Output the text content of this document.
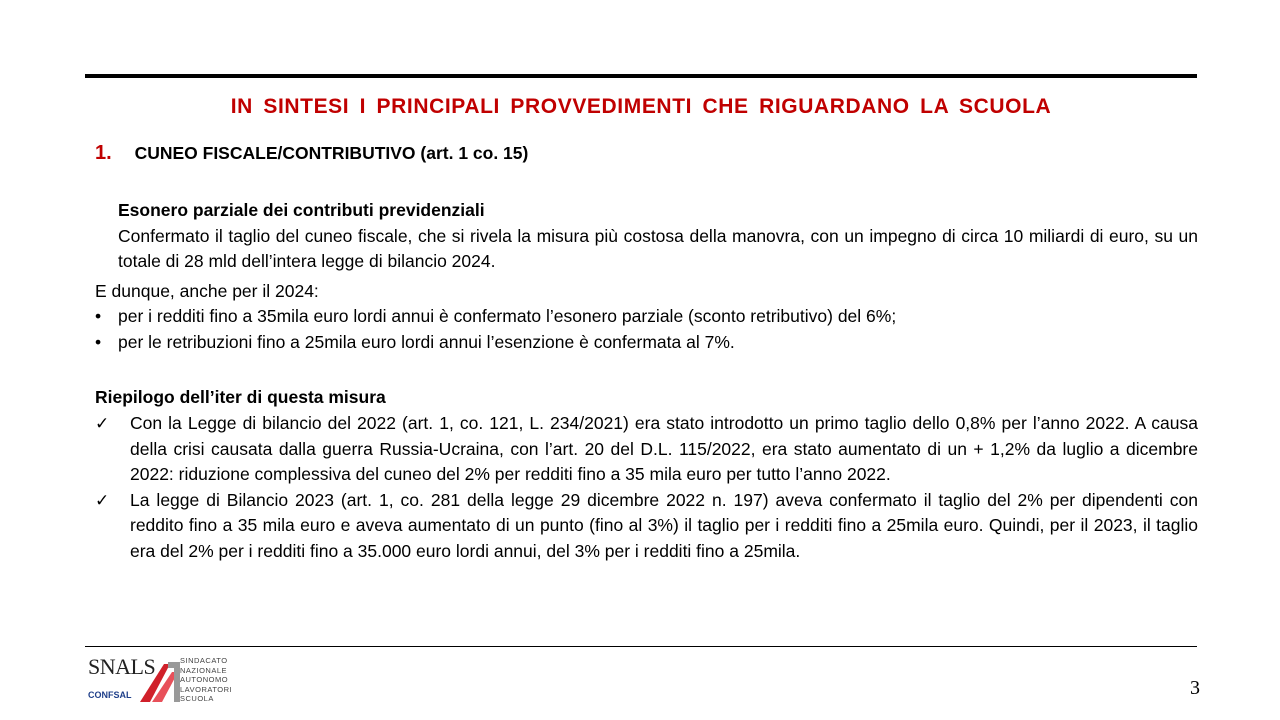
IN SINTESI I PRINCIPALI PROVVEDIMENTI CHE RIGUARDANO LA SCUOLA
1. CUNEO FISCALE/CONTRIBUTIVO (art. 1 co. 15)
Esonero parziale dei contributi previdenziali
Confermato il taglio del cuneo fiscale, che si rivela la misura più costosa della manovra, con un impegno di circa 10 miliardi di euro, su un totale di 28 mld dell’intera legge di bilancio 2024.
E dunque, anche per il 2024:
• per i redditi fino a 35mila euro lordi annui è confermato l’esonero parziale (sconto retributivo) del 6%;
• per le retribuzioni fino a 25mila euro lordi annui l’esenzione è confermata al 7%.
Riepilogo dell’iter di questa misura
✓	Con la Legge di bilancio del 2022 (art. 1, co. 121, L. 234/2021) era stato introdotto un primo taglio dello 0,8% per l’anno 2022. A causa della crisi causata dalla guerra Russia-Ucraina, con l’art. 20 del D.L. 115/2022, era stato aumentato di un + 1,2% da luglio a dicembre 2022: riduzione complessiva del cuneo del 2% per redditi fino a 35 mila euro per tutto l’anno 2022.
✓	La legge di Bilancio 2023 (art. 1, co. 281 della legge 29 dicembre 2022 n. 197) aveva confermato il taglio del 2% per dipendenti con reddito fino a 35 mila euro e aveva aumentato di un punto (fino al 3%) il taglio per i redditi fino a 25mila euro. Quindi, per il 2023, il taglio era del 2% per i redditi fino a 35.000 euro lordi annui, del 3% per i redditi fino a 25mila.
SNALS
CONFSAL
SINDACATO
NAZIONALE
AUTONOMO
LAVORATORI
SCUOLA	3
